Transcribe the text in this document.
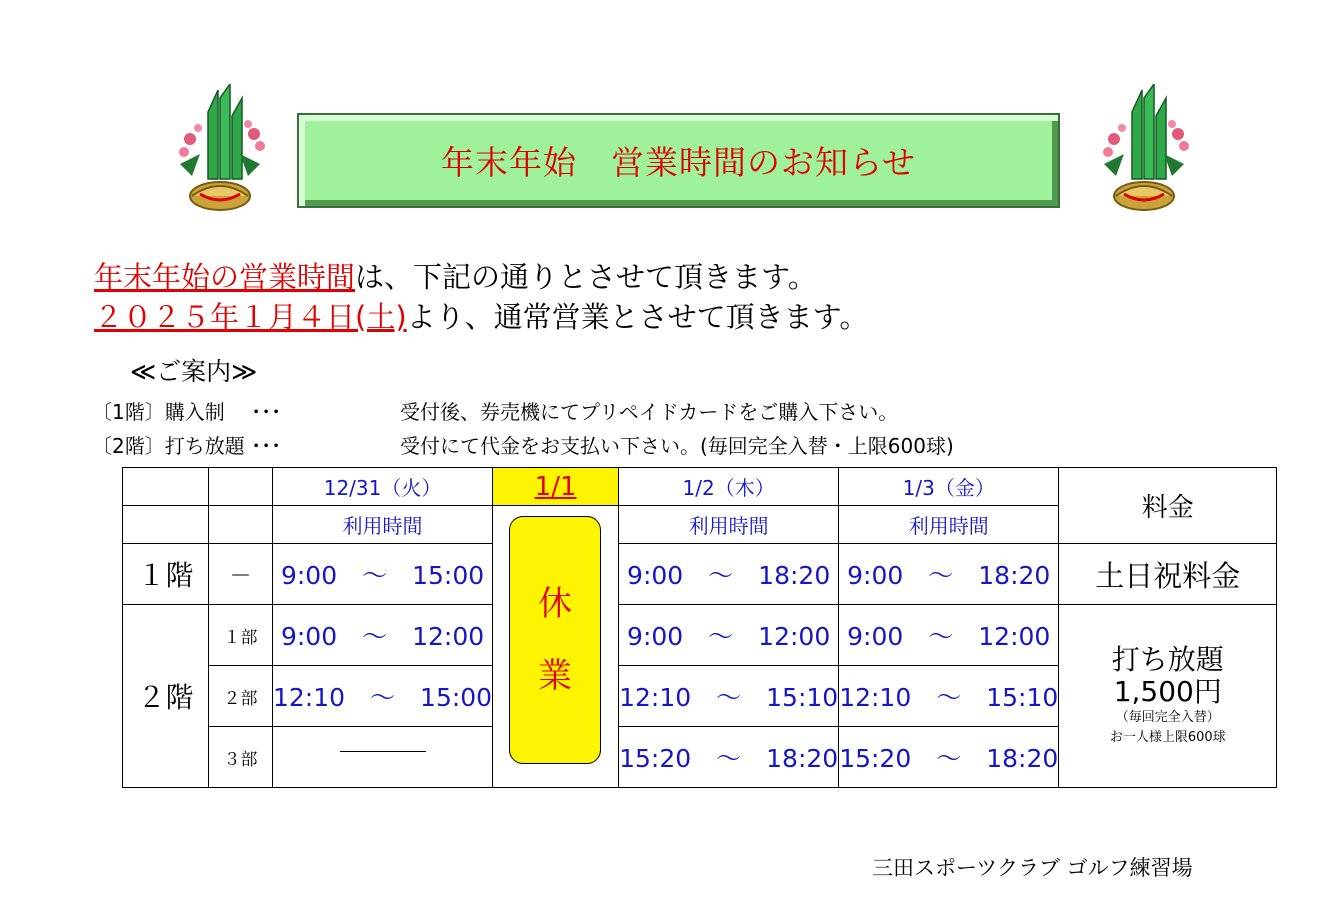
年末年始　営業時間のお知らせ
年末年始の営業時間は、下記の通りとさせて頂きます。
２０２５年１月４日(土)より、通常営業とさせて頂きます。
≪ご案内≫
〔1階〕購入制　 ･･･	受付後、券売機にてプリペイドカードをご購入下さい。
〔2階〕打ち放題 ･･･	受付にて代金をお支払い下さい。(毎回完全入替・上限600球)
		12/31（火）	1/1	1/2（木）	1/3（金）	料金
		利用時間		利用時間	利用時間	
１階	－	9:00　～　15:00		9:00　～　18:20	9:00　～　18:20	土日祝料金
２階	１部	9:00　～　12:00		9:00　～　12:00	9:00　～　12:00	打ち放題
1,500円
（毎回完全入替）
お一人様上限600球

	２部	12:10　～　15:00		12:10　～　15:10	12:10　～　15:10	
	３部			15:20　～　18:20	15:20　～　18:20	
休
業
三田スポーツクラブ ゴルフ練習場
